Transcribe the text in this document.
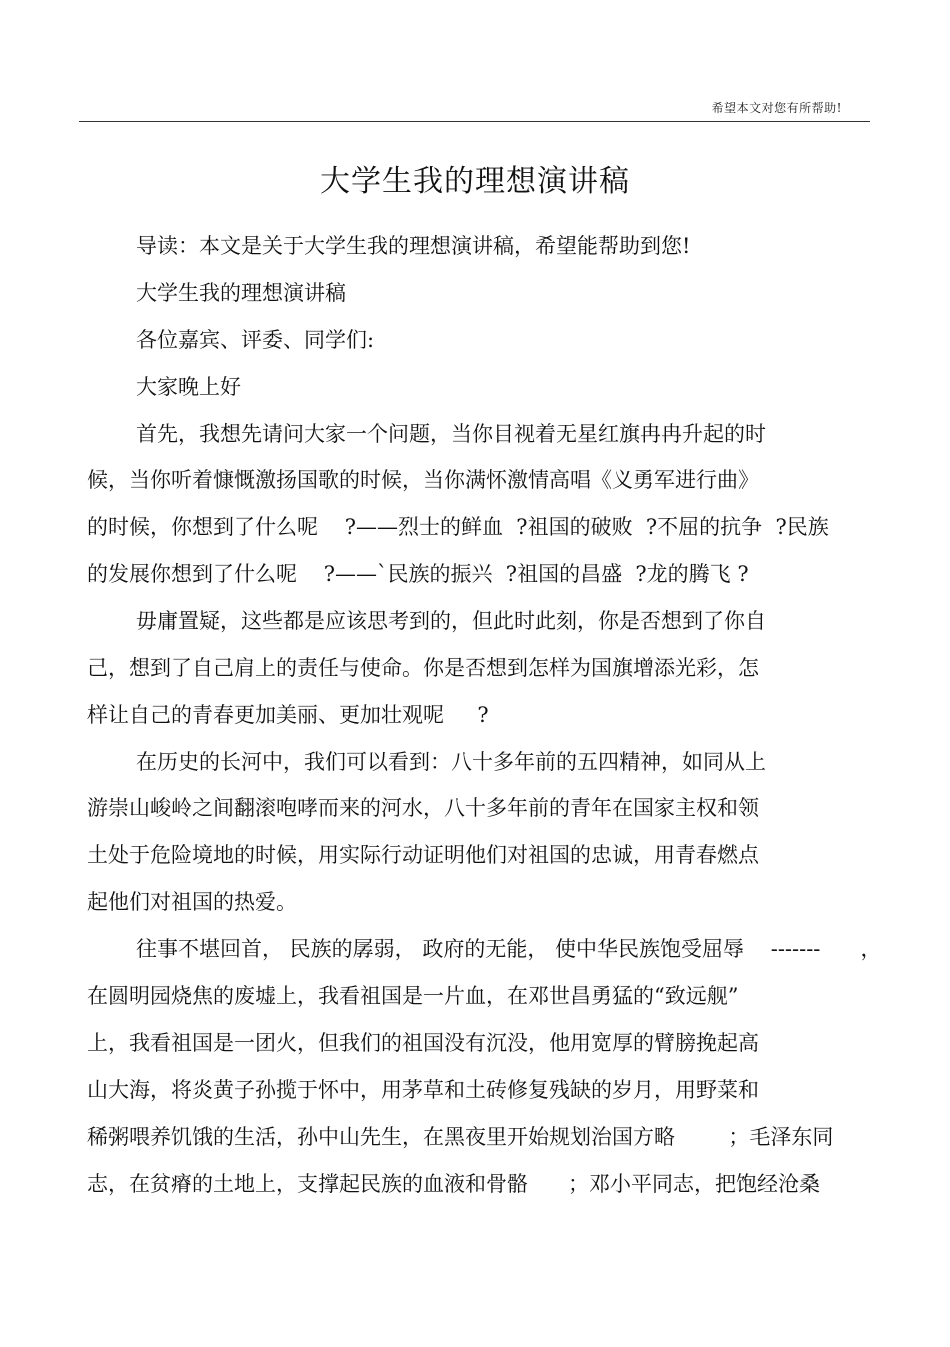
希望本文对您有所帮助!
大学生我的理想演讲稿
导读：本文是关于大学生我的理想演讲稿，希望能帮助到您!
大学生我的理想演讲稿
各位嘉宾、评委、同学们:
大家晚上好
首先，我想先请问大家一个问题，当你目视着无星红旗冉冉升起的时
候，当你听着慷慨激扬国歌的时候，当你满怀激情高唱《义勇军进行曲》
的时候，你想到了什么呢    ?——烈士的鲜血  ?祖国的破败  ?不屈的抗争  ?民族
的发展你想到了什么呢    ?——`民族的振兴  ?祖国的昌盛  ?龙的腾飞 ?
毋庸置疑，这些都是应该思考到的，但此时此刻，你是否想到了你自
己，想到了自己肩上的责任与使命。你是否想到怎样为国旗增添光彩，怎
样让自己的青春更加美丽、更加壮观呢     ?
在历史的长河中，我们可以看到：八十多年前的五四精神，如同从上
游崇山峻岭之间翻滚咆哮而来的河水，八十多年前的青年在国家主权和领
土处于危险境地的时候，用实际行动证明他们对祖国的忠诚，用青春燃点
起他们对祖国的热爱。
往事不堪回首， 民族的孱弱， 政府的无能， 使中华民族饱受屈辱    -------      ，
在圆明园烧焦的废墟上，我看祖国是一片血，在邓世昌勇猛的“致远舰”
上，我看祖国是一团火，但我们的祖国没有沉没，他用宽厚的臂膀挽起高
山大海，将炎黄子孙揽于怀中，用茅草和土砖修复残缺的岁月，用野菜和
稀粥喂养饥饿的生活，孙中山先生，在黑夜里开始规划治国方略        ；毛泽东同
志，在贫瘠的土地上，支撑起民族的血液和骨骼      ；邓小平同志，把饱经沧桑
